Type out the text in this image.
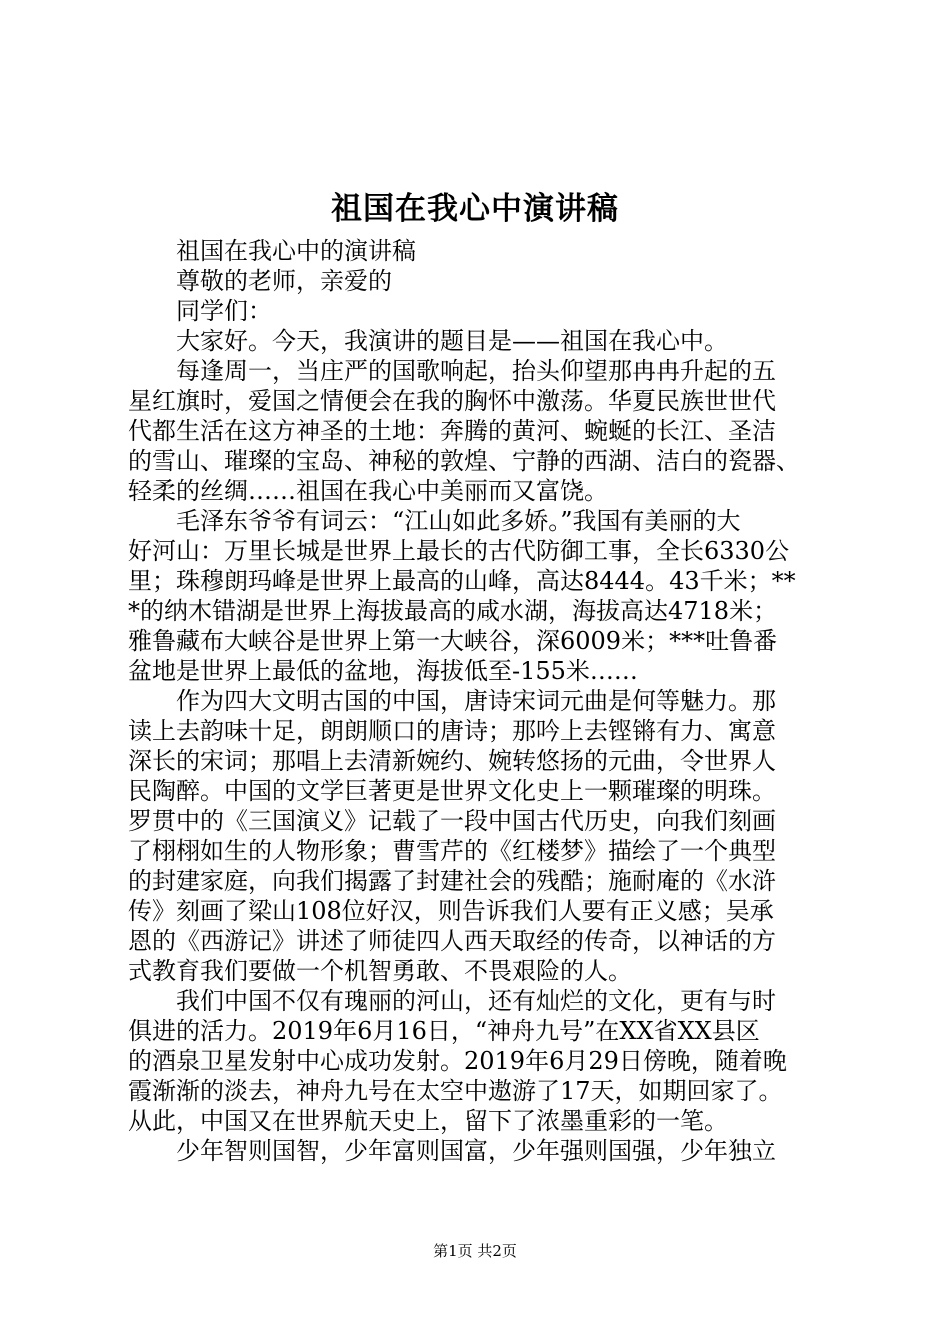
祖国在我心中演讲稿
　　祖国在我心中的演讲稿
　　尊敬的老师，亲爱的
　　同学们：
　　大家好。今天，我演讲的题目是——祖国在我心中。
　　每逢周一，当庄严的国歌响起，抬头仰望那冉冉升起的五
星红旗时，爱国之情便会在我的胸怀中激荡。华夏民族世世代
代都生活在这方神圣的土地：奔腾的黄河、蜿蜒的长江、圣洁
的雪山、璀璨的宝岛、神秘的敦煌、宁静的西湖、洁白的瓷器、
轻柔的丝绸……祖国在我心中美丽而又富饶。
　　毛泽东爷爷有词云：“江山如此多娇。”我国有美丽的大
好河山：万里长城是世界上最长的古代防御工事，全长6330公
里；珠穆朗玛峰是世界上最高的山峰，高达8444。43千米；**
*的纳木错湖是世界上海拔最高的咸水湖，海拔高达4718米；
雅鲁藏布大峡谷是世界上第一大峡谷，深6009米；***吐鲁番
盆地是世界上最低的盆地，海拔低至-155米……
　　作为四大文明古国的中国，唐诗宋词元曲是何等魅力。那
读上去韵味十足，朗朗顺口的唐诗；那吟上去铿锵有力、寓意
深长的宋词；那唱上去清新婉约、婉转悠扬的元曲，令世界人
民陶醉。中国的文学巨著更是世界文化史上一颗璀璨的明珠。
罗贯中的《三国演义》记载了一段中国古代历史，向我们刻画
了栩栩如生的人物形象；曹雪芹的《红楼梦》描绘了一个典型
的封建家庭，向我们揭露了封建社会的残酷；施耐庵的《水浒
传》刻画了梁山108位好汉，则告诉我们人要有正义感；吴承
恩的《西游记》讲述了师徒四人西天取经的传奇，以神话的方
式教育我们要做一个机智勇敢、不畏艰险的人。
　　我们中国不仅有瑰丽的河山，还有灿烂的文化，更有与时
俱进的活力。2019年6月16日，“神舟九号”在XX省XX县区
的酒泉卫星发射中心成功发射。2019年6月29日傍晚，随着晚
霞渐渐的淡去，神舟九号在太空中遨游了17天，如期回家了。
从此，中国又在世界航天史上，留下了浓墨重彩的一笔。
　　少年智则国智，少年富则国富，少年强则国强，少年独立
第1页 共2页
